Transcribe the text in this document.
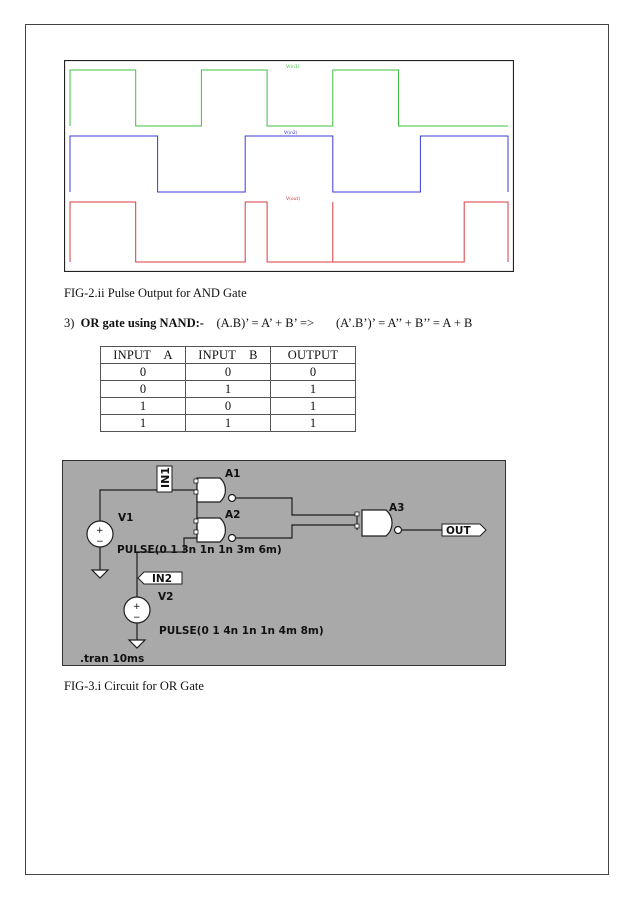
V(in1)
V(in2)
V(out)
FIG-2.ii Pulse Output for AND Gate
3) OR gate using NAND:- (A.B)’ = A’ + B’ => (A’.B’)’ = A’’ + B’’ = A + B
INPUT    A	INPUT    B	OUTPUT
0	0	0
0	1	1
1	0	1
1	1	1
IN1
IN2
OUT
A1
A2
A3
V1
V2
PULSE(0 1 3n 1n 1n 3m 6m)
PULSE(0 1 4n 1n 1n 4m 8m)
.tran 10ms
+
−
+
−
FIG-3.i Circuit for OR Gate
